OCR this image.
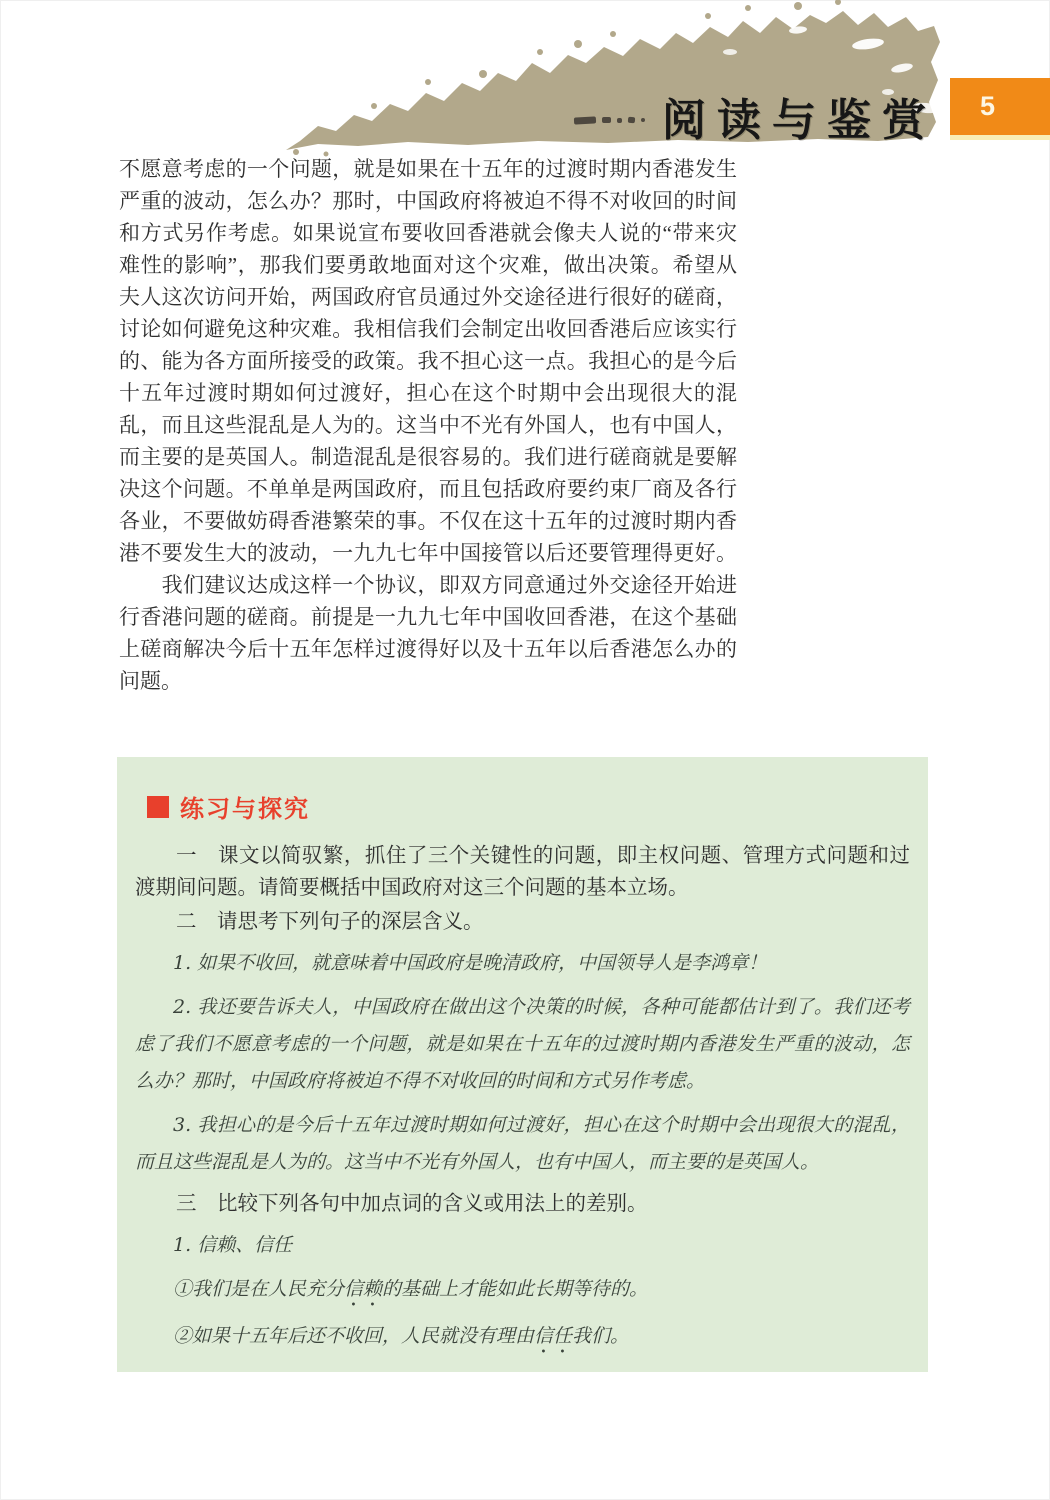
阅读与鉴赏	5
不愿意考虑的一个问题，就是如果在十五年的过渡时期内香港发生
严重的波动，怎么办？那时，中国政府将被迫不得不对收回的时间
和方式另作考虑。如果说宣布要收回香港就会像夫人说的“带来灾
难性的影响”，那我们要勇敢地面对这个灾难，做出决策。希望从
夫人这次访问开始，两国政府官员通过外交途径进行很好的磋商，
讨论如何避免这种灾难。我相信我们会制定出收回香港后应该实行
的、能为各方面所接受的政策。我不担心这一点。我担心的是今后
十五年过渡时期如何过渡好，担心在这个时期中会出现很大的混
乱，而且这些混乱是人为的。这当中不光有外国人，也有中国人，
而主要的是英国人。制造混乱是很容易的。我们进行磋商就是要解
决这个问题。不单单是两国政府，而且包括政府要约束厂商及各行
各业，不要做妨碍香港繁荣的事。不仅在这十五年的过渡时期内香
港不要发生大的波动，一九九七年中国接管以后还要管理得更好。
　　我们建议达成这样一个协议，即双方同意通过外交途径开始进
行香港问题的磋商。前提是一九九七年中国收回香港，在这个基础
上磋商解决今后十五年怎样过渡得好以及十五年以后香港怎么办的
问题。
练习与探究

一　课文以简驭繁，抓住了三个关键性的问题，即主权问题、管理方式问题和过渡期间问题。请简要概括中国政府对这三个问题的基本立场。

二　请思考下列句子的深层含义。

1. 如果不收回，就意味着中国政府是晚清政府，中国领导人是李鸿章！

2. 我还要告诉夫人，中国政府在做出这个决策的时候，各种可能都估计到了。我们还考虑了我们不愿意考虑的一个问题，就是如果在十五年的过渡时期内香港发生严重的波动，怎么办？那时，中国政府将被迫不得不对收回的时间和方式另作考虑。

3. 我担心的是今后十五年过渡时期如何过渡好，担心在这个时期中会出现很大的混乱，而且这些混乱是人为的。这当中不光有外国人，也有中国人，而主要的是英国人。

三　比较下列各句中加点词的含义或用法上的差别。

1. 信赖、信任

①我们是在人民充分信赖的基础上才能如此长期等待的。

②如果十五年后还不收回，人民就没有理由信任我们。
